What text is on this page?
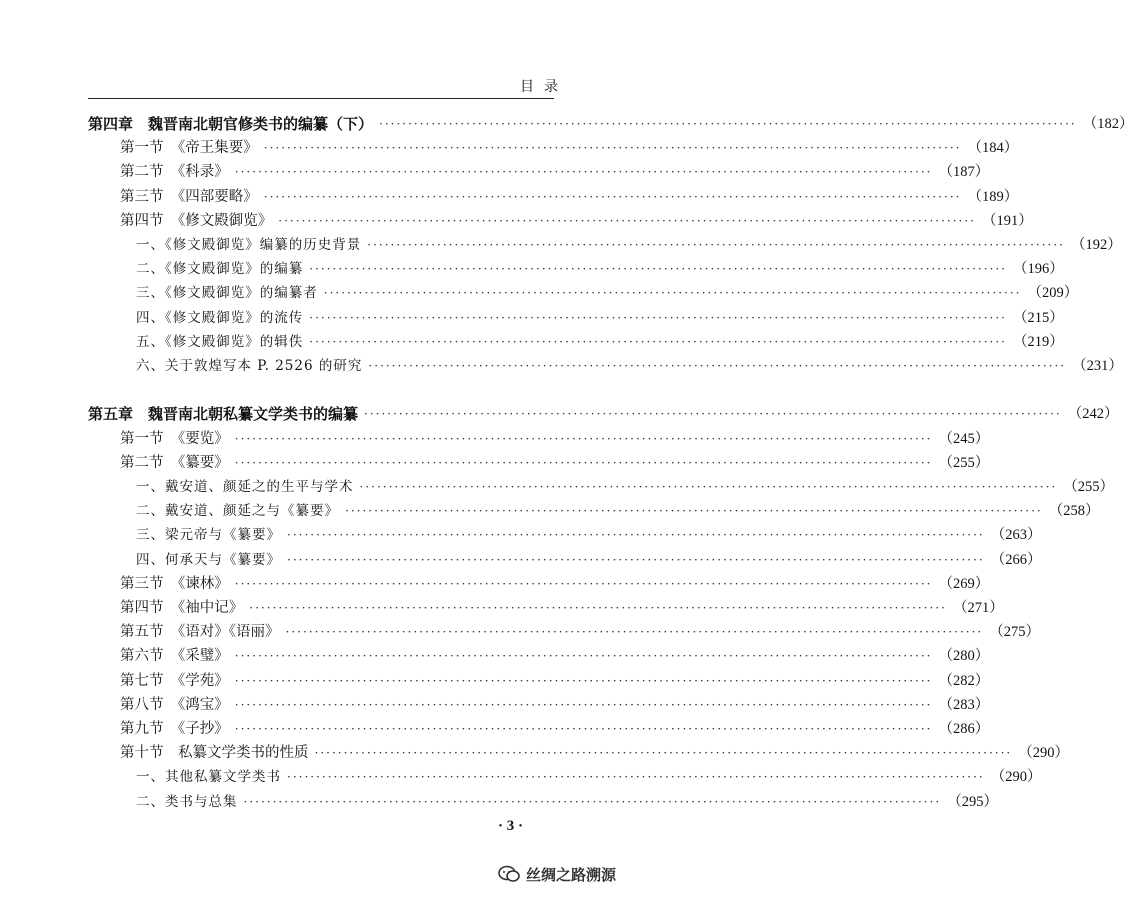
目录
第四章　魏晋南北朝官修类书的编纂（下） ························································································································ （182）
第一节　《帝王集要》 ························································································································ （184）
第二节　《科录》 ························································································································ （187）
第三节　《四部要略》 ························································································································ （189）
第四节　《修文殿御览》 ························································································································ （191）
一、《修文殿御览》编纂的历史背景 ························································································································ （192）
二、《修文殿御览》的编纂 ························································································································ （196）
三、《修文殿御览》的编纂者 ························································································································ （209）
四、《修文殿御览》的流传 ························································································································ （215）
五、《修文殿御览》的辑佚 ························································································································ （219）
六、关于敦煌写本 P. 2526 的研究 ························································································································ （231）
第五章　魏晋南北朝私纂文学类书的编纂 ························································································································ （242）
第一节　《要览》 ························································································································ （245）
第二节　《纂要》 ························································································································ （255）
一、戴安道、颜延之的生平与学术 ························································································································ （255）
二、戴安道、颜延之与《纂要》 ························································································································ （258）
三、梁元帝与《纂要》 ························································································································ （263）
四、何承天与《纂要》 ························································································································ （266）
第三节　《谏林》 ························································································································ （269）
第四节　《袖中记》 ························································································································ （271）
第五节　《语对》《语丽》 ························································································································ （275）
第六节　《采璧》 ························································································································ （280）
第七节　《学苑》 ························································································································ （282）
第八节　《鸿宝》 ························································································································ （283）
第九节　《子抄》 ························································································································ （286）
第十节　私纂文学类书的性质 ························································································································ （290）
一、其他私纂文学类书 ························································································································ （290）
二、类书与总集 ························································································································ （295）
· 3 ·
丝绸之路溯源
